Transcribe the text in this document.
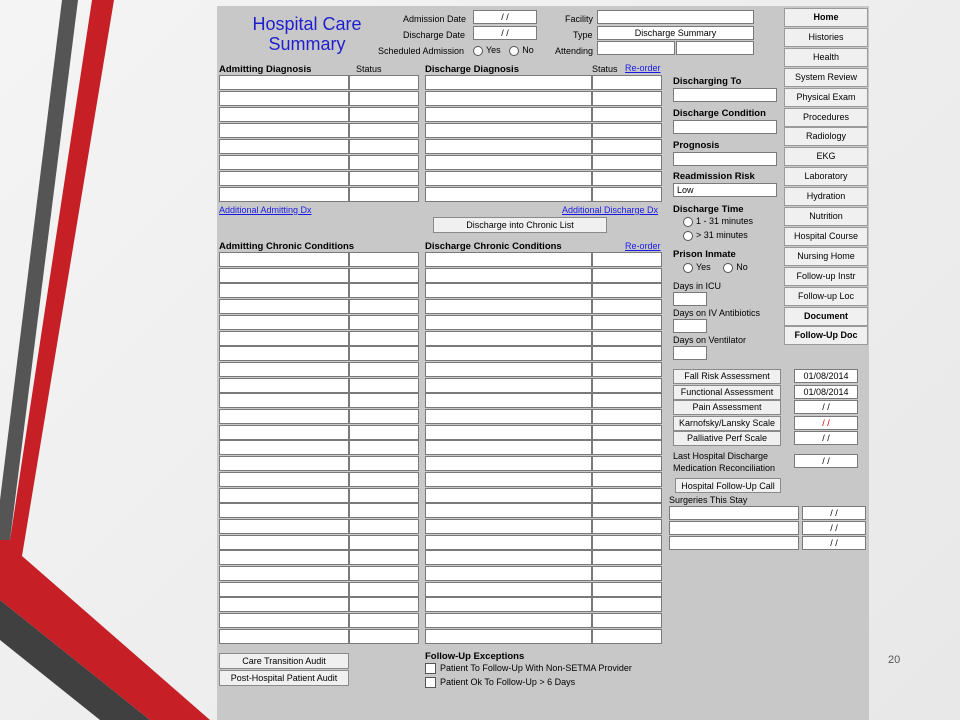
Hospital Care
Summary
Admission Date	/ /
Discharge Date	/ /
Scheduled Admission	Yes No
Facility
Type	Discharge Summary
Attending
Admitting Diagnosis	Status	Discharge Diagnosis	Status Re-order
Additional Admitting Dx	Additional Discharge Dx
Discharge into Chronic List
Admitting Chronic Conditions	Discharge Chronic Conditions	Re-order
Discharging To
Discharge Condition
Prognosis
Readmission Risk
Low
Discharge Time
1 - 31 minutes
> 31 minutes
Prison Inmate
Yes	No
Days in ICU
Days on IV Antibiotics
Days on Ventilator
Fall Risk Assessment	01/08/2014
Functional Assessment	01/08/2014
Pain Assessment	/ /
Karnofsky/Lansky Scale	/ /
Palliative Perf Scale	/ /
Last Hospital Discharge
Medication Reconciliation
/ /
Hospital Follow-Up Call
Surgeries This Stay
/ /
/ /
/ /
Home
Histories
Health
System Review
Physical Exam
Procedures
Radiology
EKG
Laboratory
Hydration
Nutrition
Hospital Course
Nursing Home
Follow-up Instr
Follow-up Loc
Document
Follow-Up Doc
Care Transition Audit
Post-Hospital Patient Audit
Follow-Up Exceptions
Patient To Follow-Up With Non-SETMA Provider
Patient Ok To Follow-Up > 6 Days
20
